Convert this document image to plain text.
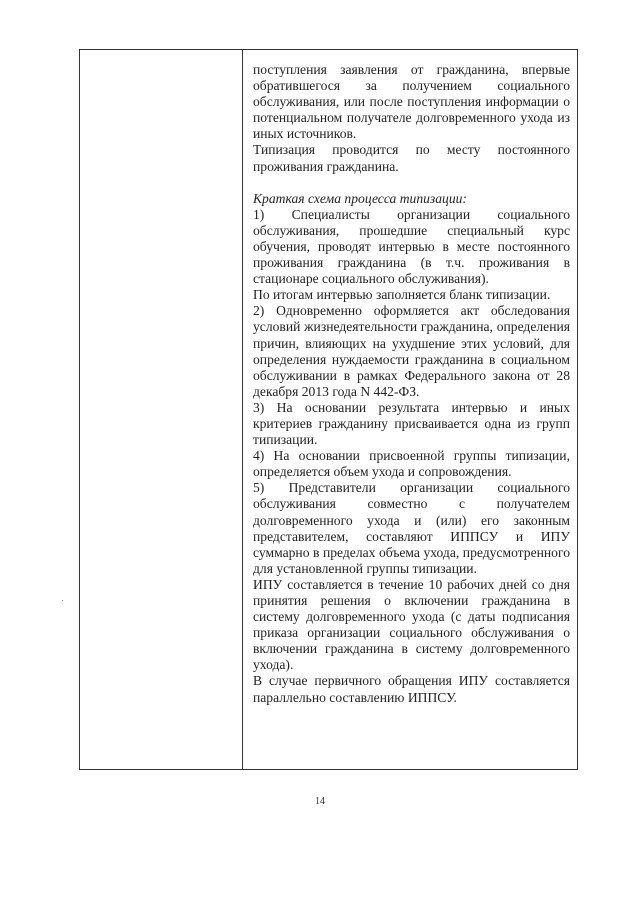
поступления заявления от гражданина, впервые обратившегося за получением социального обслуживания, или после поступления информации о потенциальном получателе долговременного ухода из иных источников.

Типизация проводится по месту постоянного проживания гражданина.

Краткая схема процесса типизации:

1) Специалисты организации социального обслуживания, прошедшие специальный курс обучения, проводят интервью в месте постоянного проживания гражданина (в т.ч. проживания в стационаре социального обслуживания).

По итогам интервью заполняется бланк типизации.

2) Одновременно оформляется акт обследования условий жизнедеятельности гражданина, определения причин, влияющих на ухудшение этих условий, для определения нуждаемости гражданина в социальном обслуживании в рамках Федерального закона от 28 декабря 2013 года N 442-ФЗ.

3) На основании результата интервью и иных критериев гражданину присваивается одна из групп типизации.

4) На основании присвоенной группы типизации, определяется объем ухода и сопровождения.

5) Представители организации социального обслуживания совместно с получателем долговременного ухода и (или) его законным представителем, составляют ИППСУ и ИПУ суммарно в пределах объема ухода, предусмотренного для установленной группы типизации.

ИПУ составляется в течение 10 рабочих дней со дня принятия решения о включении гражданина в систему долговременного ухода (с даты подписания приказа организации социального обслуживания о включении гражданина в систему долговременного ухода).

В случае первичного обращения ИПУ составляется параллельно составлению ИППСУ.

14
